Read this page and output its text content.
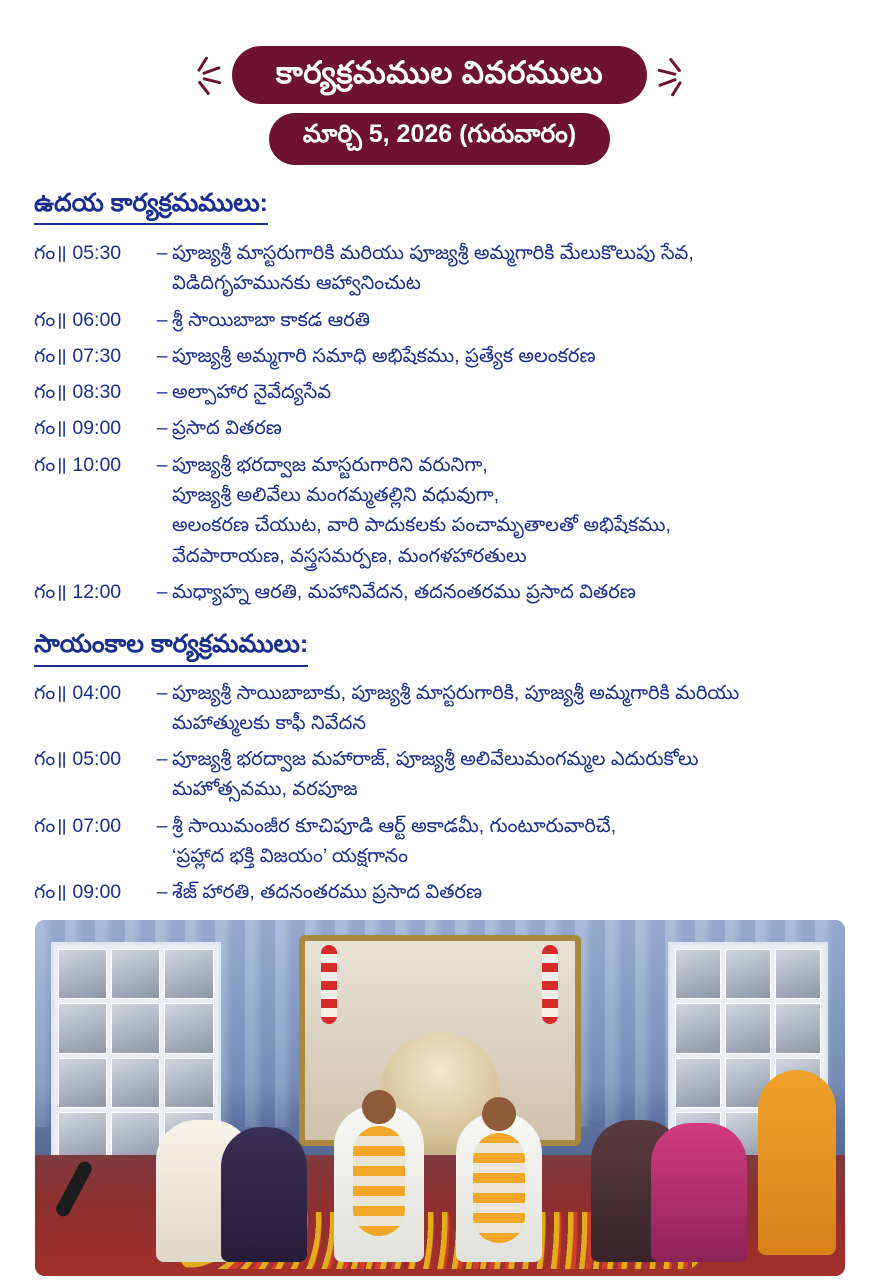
కార్యక్రమముల వివరములు
మార్చి 5, 2026 (గురువారం)
ఉదయ కార్యక్రమములు:
గం॥ 05:30	– పూజ్యశ్రీ మాస్టరుగారికి మరియు పూజ్యశ్రీ అమ్మగారికి మేలుకొలుపు సేవ,
విడిదిగృహమునకు ఆహ్వానించుట
గం॥ 06:00	– శ్రీ సాయిబాబా కాకడ ఆరతి
గం॥ 07:30	– పూజ్యశ్రీ అమ్మగారి సమాధి అభిషేకము, ప్రత్యేక అలంకరణ
గం॥ 08:30	– అల్పాహార నైవేద్యసేవ
గం॥ 09:00	– ప్రసాద వితరణ
గం॥ 10:00	– పూజ్యశ్రీ భరద్వాజ మాస్టరుగారిని వరునిగా,
పూజ్యశ్రీ అలివేలు మంగమ్మతల్లిని వధువుగా,
అలంకరణ చేయుట, వారి పాదుకలకు పంచామృతాలతో అభిషేకము,
వేదపారాయణ, వస్త్రసమర్పణ, మంగళహారతులు
గం॥ 12:00	– మధ్యాహ్న ఆరతి, మహానివేదన, తదనంతరము ప్రసాద వితరణ
సాయంకాల కార్యక్రమములు:
గం॥ 04:00	– పూజ్యశ్రీ సాయిబాబాకు, పూజ్యశ్రీ మాస్టరుగారికి, పూజ్యశ్రీ అమ్మగారికి మరియు
మహాత్ములకు కాఫీ నివేదన
గం॥ 05:00	– పూజ్యశ్రీ భరద్వాజ మహారాజ్, పూజ్యశ్రీ అలివేలుమంగమ్మల ఎదురుకోలు
మహోత్సవము, వరపూజ
గం॥ 07:00	– శ్రీ సాయిమంజీర కూచిపూడి ఆర్ట్ అకాడమీ, గుంటూరువారిచే,
‘ప్రహ్లాద భక్తి విజయం’ యక్షగానం
గం॥ 09:00	– శేజ్ హారతి, తదనంతరము ప్రసాద వితరణ
